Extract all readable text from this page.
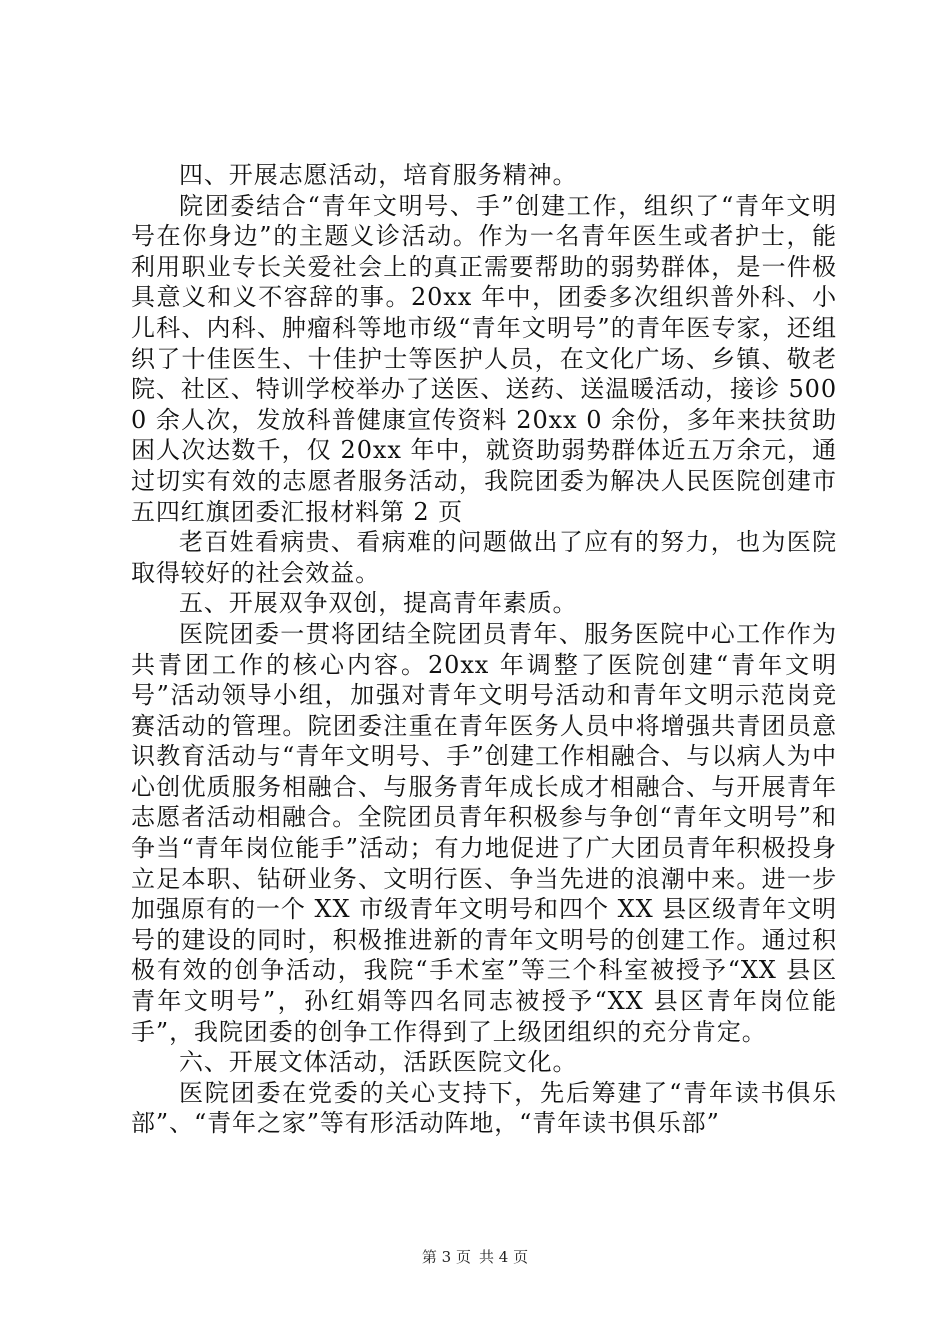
四、开展志愿活动，培育服务精神。

院团委结合“青年文明号、手”创建工作，组织了“青年文明号在你身边”的主题义诊活动。作为一名青年医生或者护士，能利用职业专长关爱社会上的真正需要帮助的弱势群体，是一件极具意义和义不容辞的事。20xx 年中，团委多次组织普外科、小儿科、内科、肿瘤科等地市级“青年文明号”的青年医专家，还组织了十佳医生、十佳护士等医护人员，在文化广场、乡镇、敬老院、社区、特训学校举办了送医、送药、送温暖活动，接诊 500 0 余人次，发放科普健康宣传资料 20xx 0 余份，多年来扶贫助困人次达数千，仅 20xx 年中，就资助弱势群体近五万余元，通过切实有效的志愿者服务活动，我院团委为解决人民医院创建市五四红旗团委汇报材料第 2 页

老百姓看病贵、看病难的问题做出了应有的努力，也为医院取得较好的社会效益。

五、开展双争双创，提高青年素质。

医院团委一贯将团结全院团员青年、服务医院中心工作作为共青团工作的核心内容。20xx 年调整了医院创建“青年文明号”活动领导小组，加强对青年文明号活动和青年文明示范岗竞赛活动的管理。院团委注重在青年医务人员中将增强共青团员意识教育活动与“青年文明号、手”创建工作相融合、与以病人为中心创优质服务相融合、与服务青年成长成才相融合、与开展青年志愿者活动相融合。全院团员青年积极参与争创“青年文明号”和争当“青年岗位能手”活动；有力地促进了广大团员青年积极投身立足本职、钻研业务、文明行医、争当先进的浪潮中来。进一步加强原有的一个 XX 市级青年文明号和四个 XX 县区级青年文明号的建设的同时，积极推进新的青年文明号的创建工作。通过积极有效的创争活动，我院“手术室”等三个科室被授予“XX 县区青年文明号”，孙红娟等四名同志被授予“XX 县区青年岗位能手”，我院团委的创争工作得到了上级团组织的充分肯定。

六、开展文体活动，活跃医院文化。

医院团委在党委的关心支持下，先后筹建了“青年读书俱乐部”、“青年之家”等有形活动阵地，“青年读书俱乐部”

第 3 页 共 4 页
